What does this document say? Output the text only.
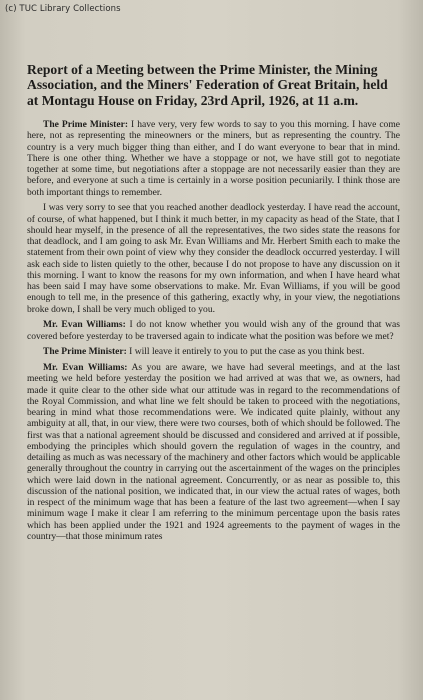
(c) TUC Library Collections
Report of a Meeting between the Prime Minister, the Mining Association, and the Miners' Federation of Great Britain, held at Montagu House on Friday, 23rd April, 1926, at 11 a.m.

The Prime Minister: I have very, very few words to say to you this morning. I have come here, not as representing the mineowners or the miners, but as representing the country. The country is a very much bigger thing than either, and I do want everyone to bear that in mind. There is one other thing. Whether we have a stoppage or not, we have still got to negotiate together at some time, but negotiations after a stoppage are not necessarily easier than they are before, and everyone at such a time is certainly in a worse position pecuniarily. I think those are both important things to remember.

I was very sorry to see that you reached another deadlock yesterday. I have read the account, of course, of what happened, but I think it much better, in my capacity as head of the State, that I should hear myself, in the presence of all the representatives, the two sides state the reasons for that deadlock, and I am going to ask Mr. Evan Williams and Mr. Herbert Smith each to make the statement from their own point of view why they consider the deadlock occurred yesterday. I will ask each side to listen quietly to the other, because I do not propose to have any discussion on it this morning. I want to know the reasons for my own information, and when I have heard what has been said I may have some observations to make. Mr. Evan Williams, if you will be good enough to tell me, in the presence of this gathering, exactly why, in your view, the negotiations broke down, I shall be very much obliged to you.

Mr. Evan Williams: I do not know whether you would wish any of the ground that was covered before yesterday to be traversed again to indicate what the position was before we met?

The Prime Minister: I will leave it entirely to you to put the case as you think best.

Mr. Evan Williams: As you are aware, we have had several meetings, and at the last meeting we held before yesterday the position we had arrived at was that we, as owners, had made it quite clear to the other side what our attitude was in regard to the recommendations of the Royal Commission, and what line we felt should be taken to proceed with the negotiations, bearing in mind what those recommendations were. We indicated quite plainly, without any ambiguity at all, that, in our view, there were two courses, both of which should be followed. The first was that a national agreement should be discussed and considered and arrived at if possible, embodying the principles which should govern the regulation of wages in the country, and detailing as much as was necessary of the machinery and other factors which would be applicable generally throughout the country in carrying out the ascertainment of the wages on the principles which were laid down in the national agreement. Concurrently, or as near as possible to, this discussion of the national position, we indicated that, in our view the actual rates of wages, both in respect of the minimum wage that has been a feature of the last two agreement—when I say minimum wage I make it clear I am referring to the minimum percentage upon the basis rates which has been applied under the 1921 and 1924 agreements to the payment of wages in the country—that those minimum rates
